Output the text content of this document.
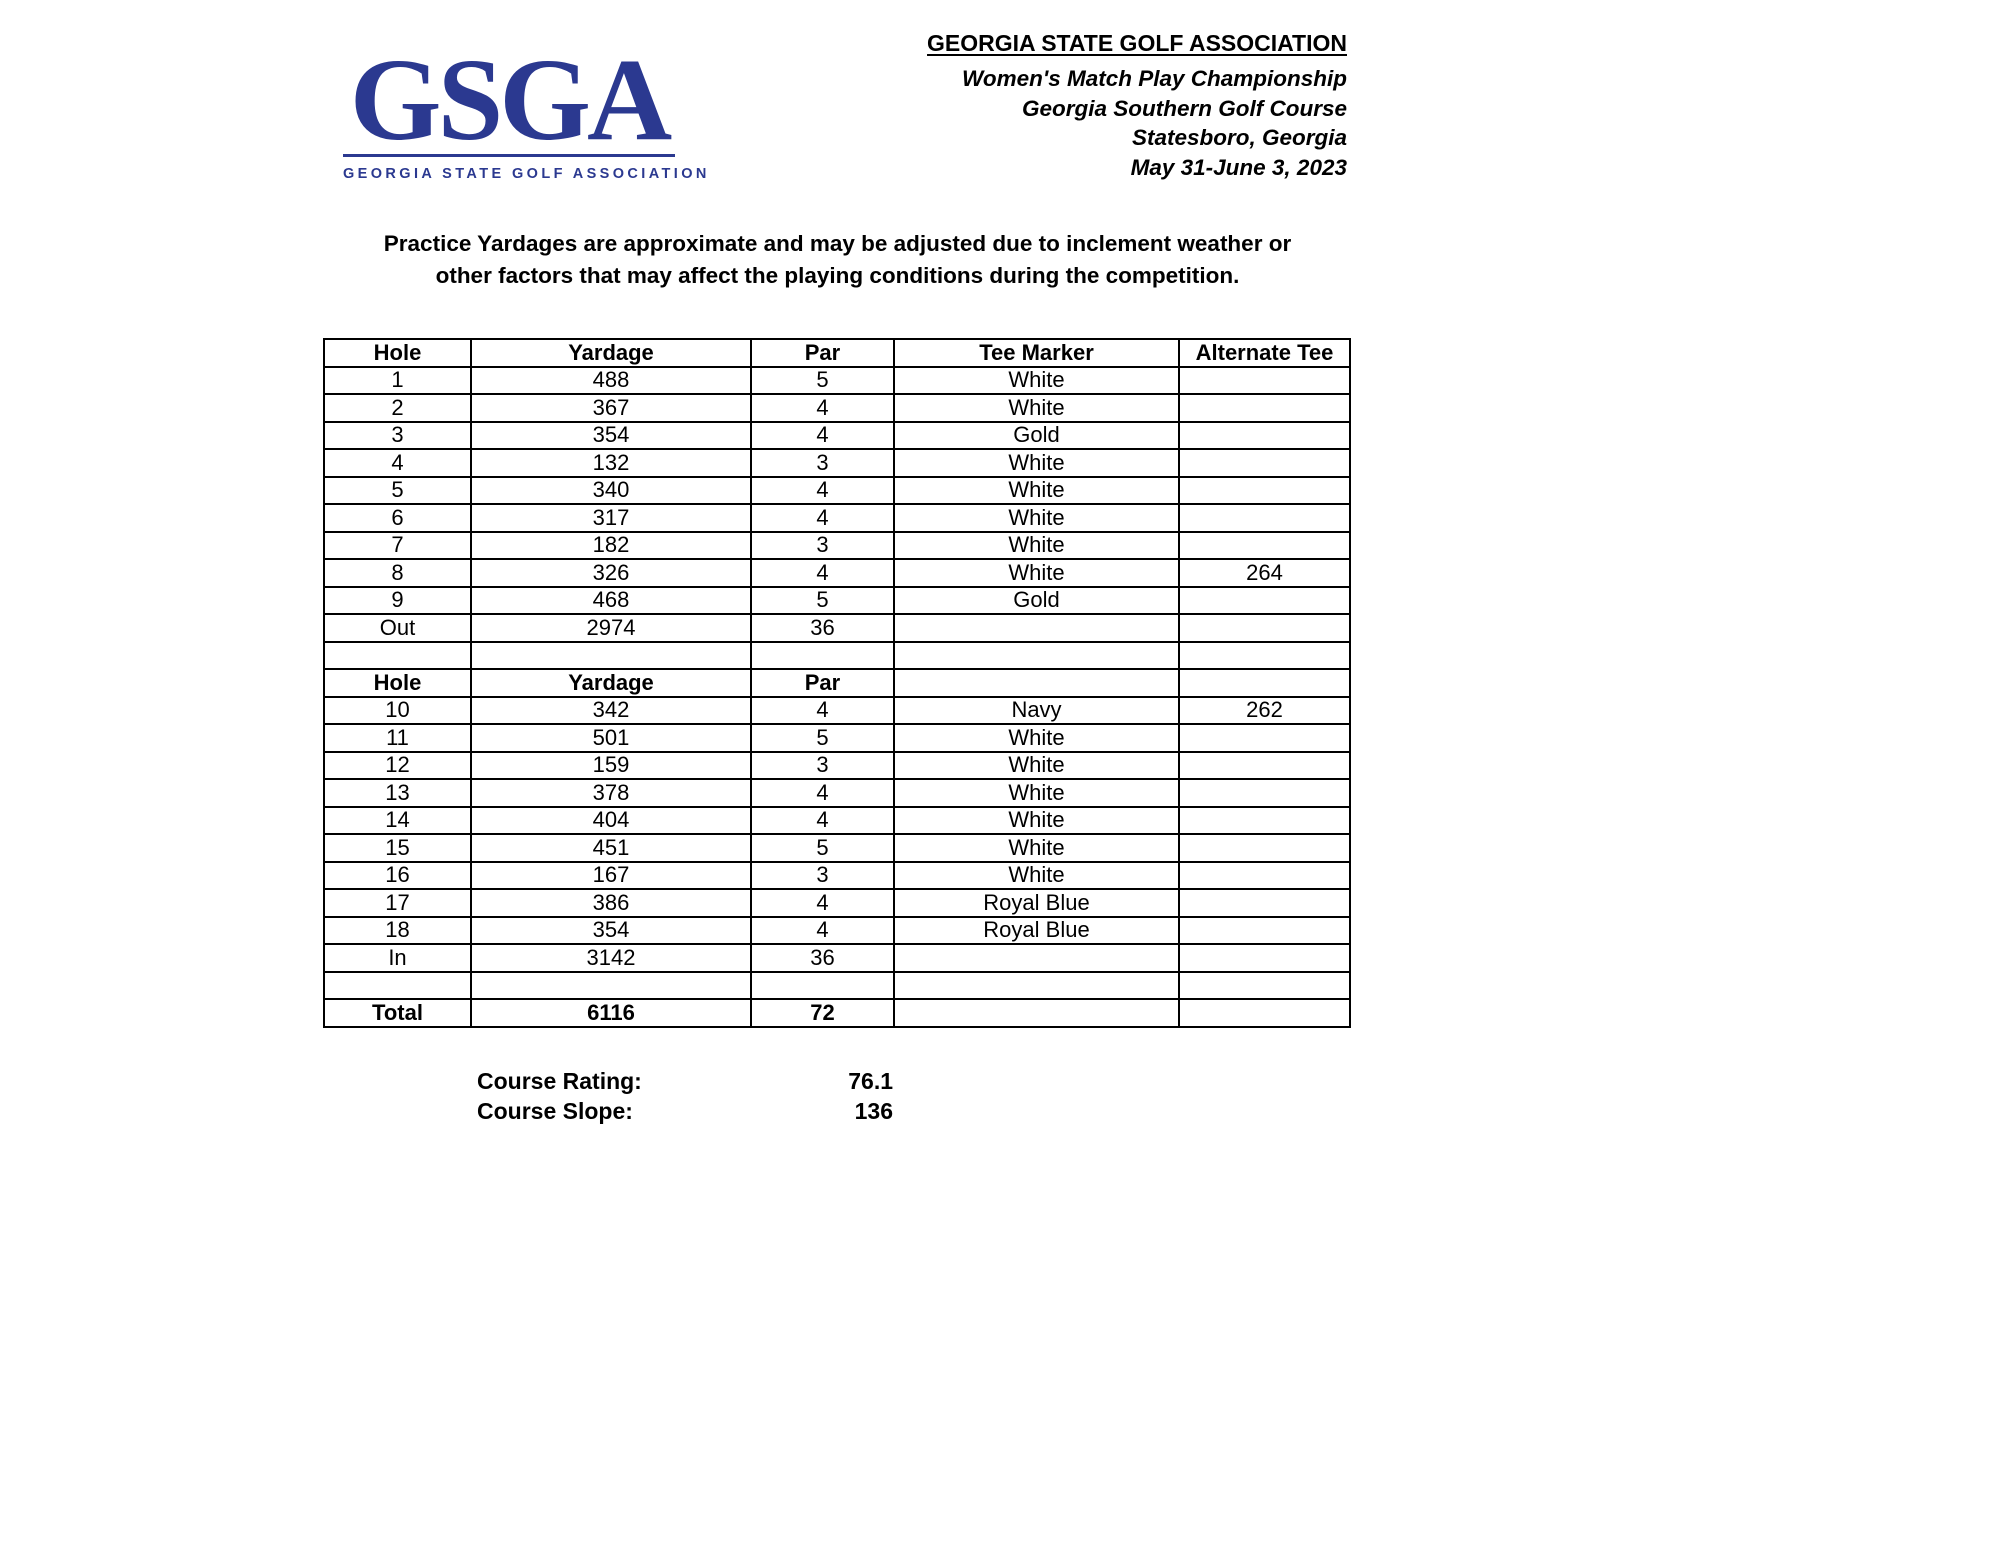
GSGA
GEORGIA STATE GOLF ASSOCIATION
GEORGIA STATE GOLF ASSOCIATION
Women's Match Play Championship
Georgia Southern Golf Course
Statesboro, Georgia
May 31-June 3, 2023
Practice Yardages are approximate and may be adjusted due to inclement weather or
other factors that may affect the playing conditions during the competition.
Hole	Yardage	Par	Tee Marker	Alternate Tee
1	488	5	White	
2	367	4	White	
3	354	4	Gold	
4	132	3	White	
5	340	4	White	
6	317	4	White	
7	182	3	White	
8	326	4	White	264
9	468	5	Gold	
Out	2974	36		

Hole	Yardage	Par		
10	342	4	Navy	262
11	501	5	White	
12	159	3	White	
13	378	4	White	
14	404	4	White	
15	451	5	White	
16	167	3	White	
17	386	4	Royal Blue	
18	354	4	Royal Blue	
In	3142	36		

Total	6116	72		
Course Rating:	76.1
Course Slope:	136
